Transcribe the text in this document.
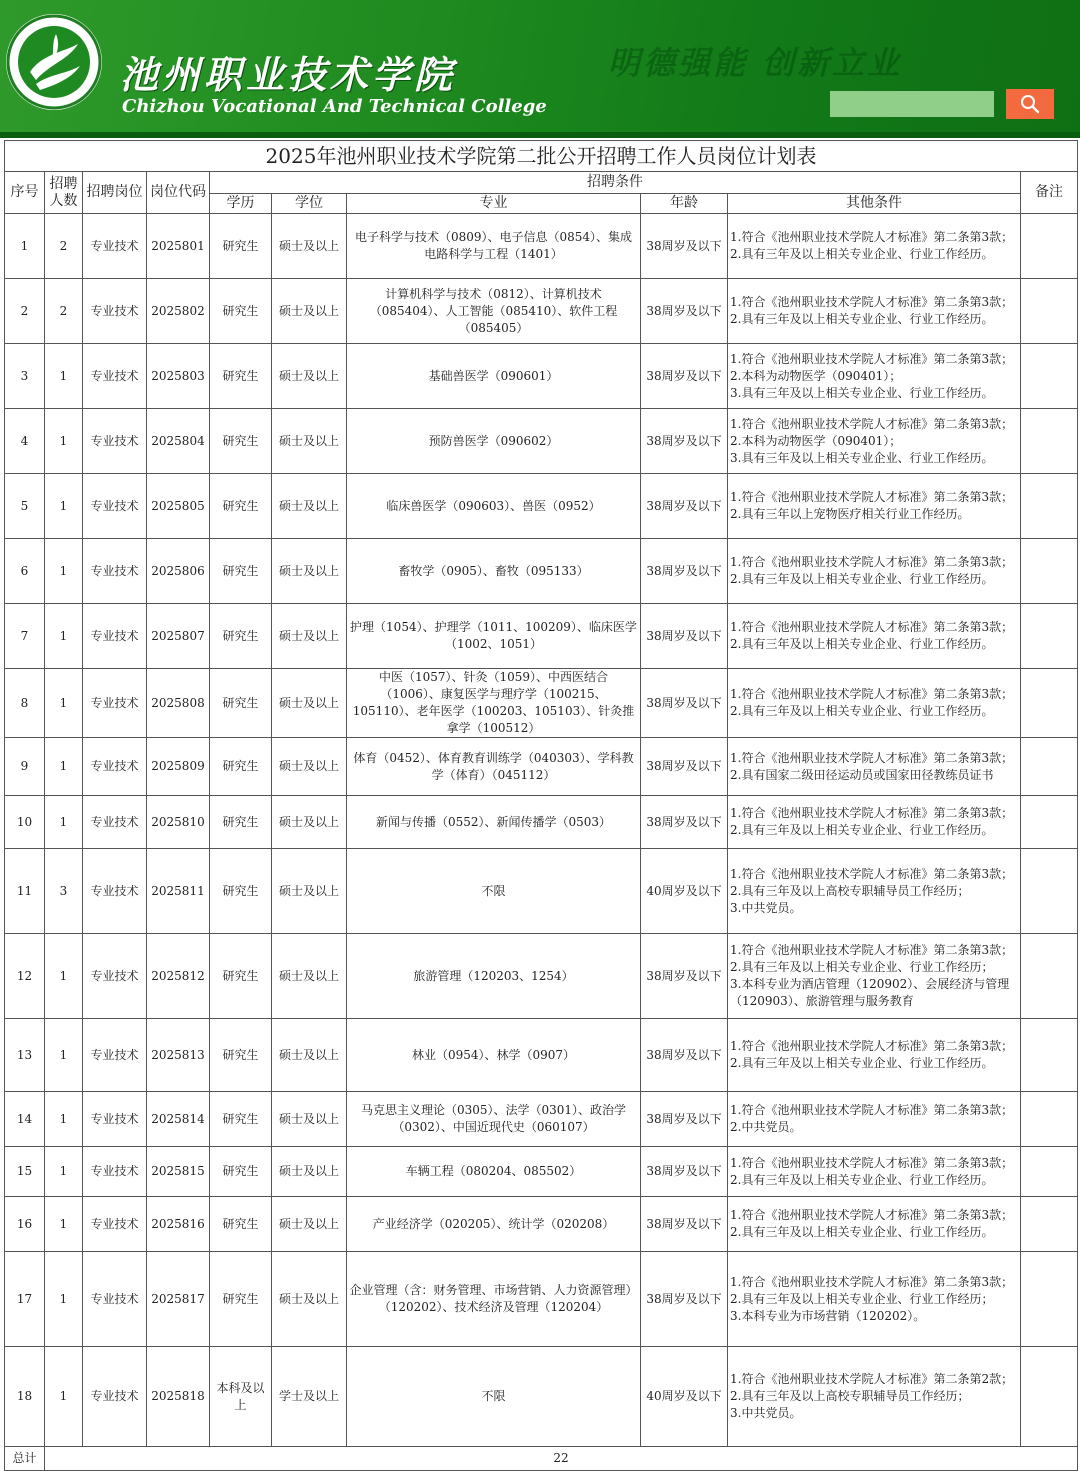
池州职业技术学院
Chizhou Vocational And Technical College
明德强能 创新立业
2025年池州职业技术学院第二批公开招聘工作人员岗位计划表									
序号	招聘人数	招聘岗位	岗位代码	招聘条件					备注
				学历	学位	专业	年龄	其他条件	
1	2	专业技术	2025801	研究生	硕士及以上	电子科学与技术（0809）、电子信息（0854）、集成电路科学与工程（1401）	38周岁及以下	1.符合《池州职业技术学院人才标准》第二条第3款；
2.具有三年及以上相关专业企业、行业工作经历。	

2	2	专业技术	2025802	研究生	硕士及以上	计算机科学与技术（0812）、计算机技术（085404）、人工智能（085410）、软件工程（085405）	38周岁及以下	1.符合《池州职业技术学院人才标准》第二条第3款；
2.具有三年及以上相关专业企业、行业工作经历。	

3	1	专业技术	2025803	研究生	硕士及以上	基础兽医学（090601）	38周岁及以下	1.符合《池州职业技术学院人才标准》第二条第3款；
2.本科为动物医学（090401）；
3.具有三年及以上相关专业企业、行业工作经历。	

4	1	专业技术	2025804	研究生	硕士及以上	预防兽医学（090602）	38周岁及以下	1.符合《池州职业技术学院人才标准》第二条第3款；
2.本科为动物医学（090401）；
3.具有三年及以上相关专业企业、行业工作经历。	

5	1	专业技术	2025805	研究生	硕士及以上	临床兽医学（090603）、兽医（0952）	38周岁及以下	1.符合《池州职业技术学院人才标准》第二条第3款；
2.具有三年以上宠物医疗相关行业工作经历。	

6	1	专业技术	2025806	研究生	硕士及以上	畜牧学（0905）、畜牧（095133）	38周岁及以下	1.符合《池州职业技术学院人才标准》第二条第3款；
2.具有三年及以上相关专业企业、行业工作经历。	

7	1	专业技术	2025807	研究生	硕士及以上	护理（1054）、护理学（1011、100209）、临床医学（1002、1051）	38周岁及以下	1.符合《池州职业技术学院人才标准》第二条第3款；
2.具有三年及以上相关专业企业、行业工作经历。	

8	1	专业技术	2025808	研究生	硕士及以上	中医（1057）、针灸（1059）、中西医结合（1006）、康复医学与理疗学（100215、105110）、老年医学（100203、105103）、针灸推拿学（100512）	38周岁及以下	1.符合《池州职业技术学院人才标准》第二条第3款；
2.具有三年及以上相关专业企业、行业工作经历。	

9	1	专业技术	2025809	研究生	硕士及以上	体育（0452）、体育教育训练学（040303）、学科教学（体育）（045112）	38周岁及以下	1.符合《池州职业技术学院人才标准》第二条第3款；
2.具有国家二级田径运动员或国家田径教练员证书	

10	1	专业技术	2025810	研究生	硕士及以上	新闻与传播（0552）、新闻传播学（0503）	38周岁及以下	1.符合《池州职业技术学院人才标准》第二条第3款；
2.具有三年及以上相关专业企业、行业工作经历。	

11	3	专业技术	2025811	研究生	硕士及以上	不限	40周岁及以下	1.符合《池州职业技术学院人才标准》第二条第3款；
2.具有三年及以上高校专职辅导员工作经历；
3.中共党员。	

12	1	专业技术	2025812	研究生	硕士及以上	旅游管理（120203、1254）	38周岁及以下	1.符合《池州职业技术学院人才标准》第二条第3款；
2.具有三年及以上相关专业企业、行业工作经历；
3.本科专业为酒店管理（120902）、会展经济与管理（120903）、旅游管理与服务教育	

13	1	专业技术	2025813	研究生	硕士及以上	林业（0954）、林学（0907）	38周岁及以下	1.符合《池州职业技术学院人才标准》第二条第3款；
2.具有三年及以上相关专业企业、行业工作经历。	

14	1	专业技术	2025814	研究生	硕士及以上	马克思主义理论（0305）、法学（0301）、政治学（0302）、中国近现代史（060107）	38周岁及以下	1.符合《池州职业技术学院人才标准》第二条第3款；
2.中共党员。	

15	1	专业技术	2025815	研究生	硕士及以上	车辆工程（080204、085502）	38周岁及以下	1.符合《池州职业技术学院人才标准》第二条第3款；
2.具有三年及以上相关专业企业、行业工作经历。	

16	1	专业技术	2025816	研究生	硕士及以上	产业经济学（020205）、统计学（020208）	38周岁及以下	1.符合《池州职业技术学院人才标准》第二条第3款；
2.具有三年及以上相关专业企业、行业工作经历。	

17	1	专业技术	2025817	研究生	硕士及以上	企业管理（含：财务管理、市场营销、人力资源管理）（120202）、技术经济及管理（120204）	38周岁及以下	1.符合《池州职业技术学院人才标准》第二条第3款；
2.具有三年及以上相关专业企业、行业工作经历；
3.本科专业为市场营销（120202）。	

18	1	专业技术	2025818	本科及以上	学士及以上	不限	40周岁及以下	1.符合《池州职业技术学院人才标准》第二条第2款；
2.具有三年及以上高校专职辅导员工作经历；
3.中共党员。	

总计	22								
